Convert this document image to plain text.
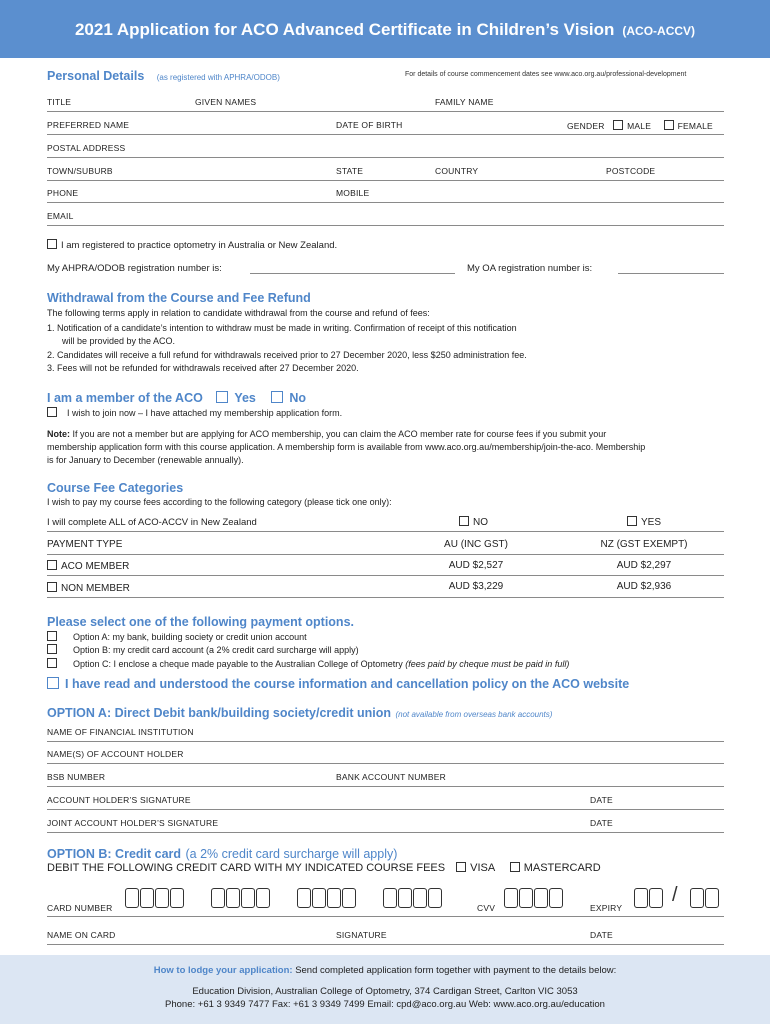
2021 Application for ACO Advanced Certificate in Children’s Vision (ACO-ACCV)
Personal Details (as registered with APHRA/ODOB)	For details of course commencement dates see www.aco.org.au/professional-development
TITLE	GIVEN NAMES	FAMILY NAME
PREFERRED NAME	DATE OF BIRTH	GENDER	MALE	FEMALE
POSTAL ADDRESS
TOWN/SUBURB	STATE	COUNTRY	POSTCODE
PHONE	MOBILE
EMAIL
I am registered to practice optometry in Australia or New Zealand.
My AHPRA/ODOB registration number is:	My OA registration number is:
Withdrawal from the Course and Fee Refund
The following terms apply in relation to candidate withdrawal from the course and refund of fees:
1. Notification of a candidate’s intention to withdraw must be made in writing. Confirmation of receipt of this notification
will be provided by the ACO.
2. Candidates will receive a full refund for withdrawals received prior to 27 December 2020, less $250 administration fee.
3. Fees will not be refunded for withdrawals received after 27 December 2020.
I am a member of the ACO	Yes	No
I wish to join now – I have attached my membership application form.
Note: If you are not a member but are applying for ACO membership, you can claim the ACO member rate for course fees if you submit your
membership application form with this course application. A membership form is available from www.aco.org.au/membership/join-the-aco. Membership
is for January to December (renewable annually).
Course Fee Categories
I wish to pay my course fees according to the following category (please tick one only):
I will complete ALL of ACO-ACCV in New Zealand	NO	YES
PAYMENT TYPE	AU (INC GST)	NZ (GST EXEMPT)
ACO MEMBER	AUD $2,527	AUD $2,297
NON MEMBER	AUD $3,229	AUD $2,936
Please select one of the following payment options.
Option A: my bank, building society or credit union account
Option B: my credit card account (a 2% credit card surcharge will apply)
Option C: I enclose a cheque made payable to the Australian College of Optometry (fees paid by cheque must be paid in full)
I have read and understood the course information and cancellation policy on the ACO website
OPTION A: Direct Debit bank/building society/credit union (not available from overseas bank accounts)
NAME OF FINANCIAL INSTITUTION
NAME(S) OF ACCOUNT HOLDER
BSB NUMBER	BANK ACCOUNT NUMBER
ACCOUNT HOLDER’S SIGNATURE	DATE
JOINT ACCOUNT HOLDER’S SIGNATURE	DATE
OPTION B: Credit card (a 2% credit card surcharge will apply)
DEBIT THE FOLLOWING CREDIT CARD WITH MY INDICATED COURSE FEES VISA	MASTERCARD
CARD NUMBER	CVV	EXPIRY
/
NAME ON CARD	SIGNATURE	DATE
How to lodge your application: Send completed application form together with payment to the details below:
Education Division, Australian College of Optometry, 374 Cardigan Street, Carlton VIC 3053
Phone: +61 3 9349 7477 Fax: +61 3 9349 7499 Email: cpd@aco.org.au Web: www.aco.org.au/education
